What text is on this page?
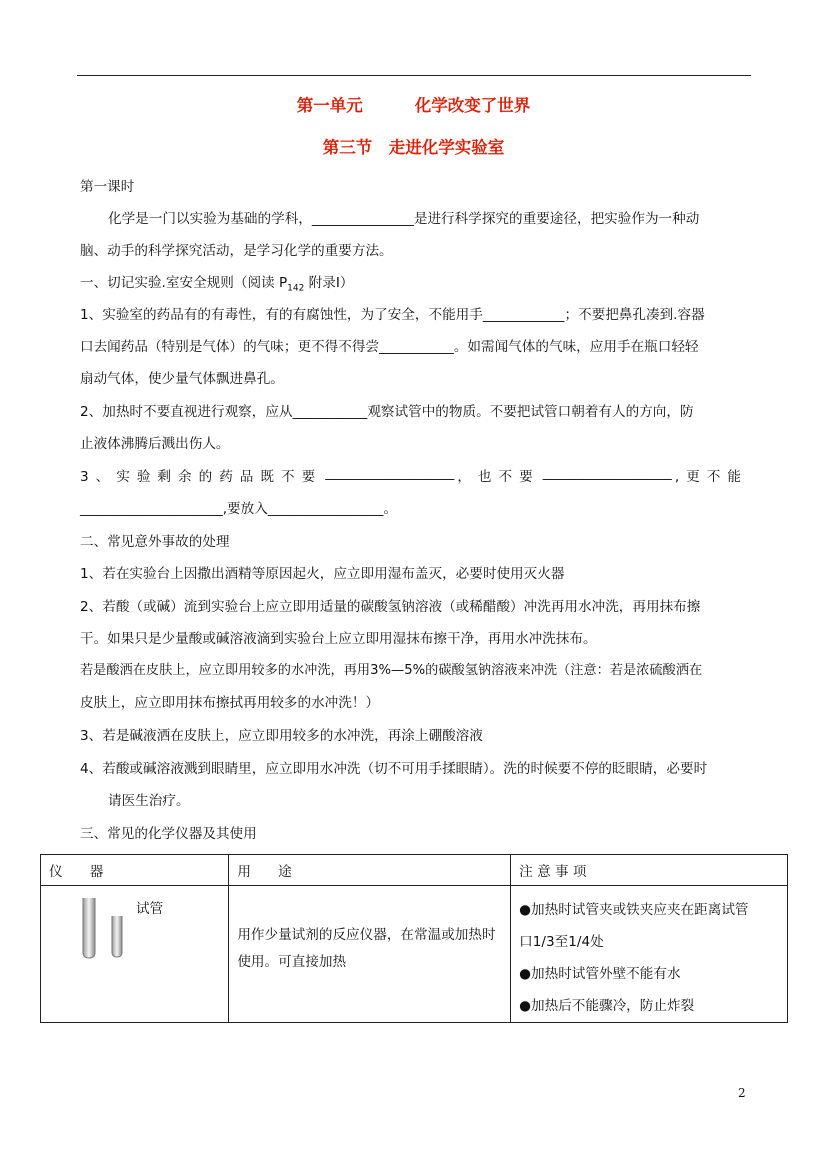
第一单元	化学改变了世界
第三节　走进化学实验室
第一课时
化学是一门以实验为基础的学科，_______________是进行科学探究的重要途径，把实验作为一种动
脑、动手的科学探究活动，是学习化学的重要方法。
一、切记实验.室安全规则（阅读 $P_{142}$ 附录Ⅰ）
1、实验室的药品有的有毒性，有的有腐蚀性，为了安全，不能用手____________；不要把鼻孔凑到.容器
口去闻药品（特别是气体）的气味；更不得不得尝___________。如需闻气体的气味，应用手在瓶口轻轻
扇动气体，使少量气体飘进鼻孔。
2、加热时不要直视进行观察，应从___________观察试管中的物质。不要把试管口朝着有人的方向，防
止液体沸腾后溅出伤人。
3、实验剩余的药品既不要 ___________________ ，也不要 ___________________ ,更不能
_____________________,要放入_________________。
二、常见意外事故的处理
1、若在实验台上因撒出酒精等原因起火，应立即用湿布盖灭，必要时使用灭火器
2、若酸（或碱）流到实验台上应立即用适量的碳酸氢钠溶液（或稀醋酸）冲洗再用水冲洗，再用抹布擦
干。如果只是少量酸或碱溶液滴到实验台上应立即用湿抹布擦干净，再用水冲洗抹布。
若是酸洒在皮肤上，应立即用较多的水冲洗，再用3%—5%的碳酸氢钠溶液来冲洗（注意：若是浓硫酸洒在
皮肤上，应立即用抹布擦拭再用较多的水冲洗！）
3、若是碱液洒在皮肤上，应立即用较多的水冲洗，再涂上硼酸溶液
4、若酸或碱溶液溅到眼睛里，应立即用水冲洗（切不可用手揉眼睛）。洗的时候要不停的眨眼睛，必要时
请医生治疗。
三、常见的化学仪器及其使用
仪　　器	用　　途	注 意 事 项

试管	用作少量试剂的反应仪器，在常温或加热时使用。可直接加热	●加热时试管夹或铁夹应夹在距离试管
口1/3至1/4处
●加热时试管外壁不能有水
●加热后不能骤冷，防止炸裂
2
